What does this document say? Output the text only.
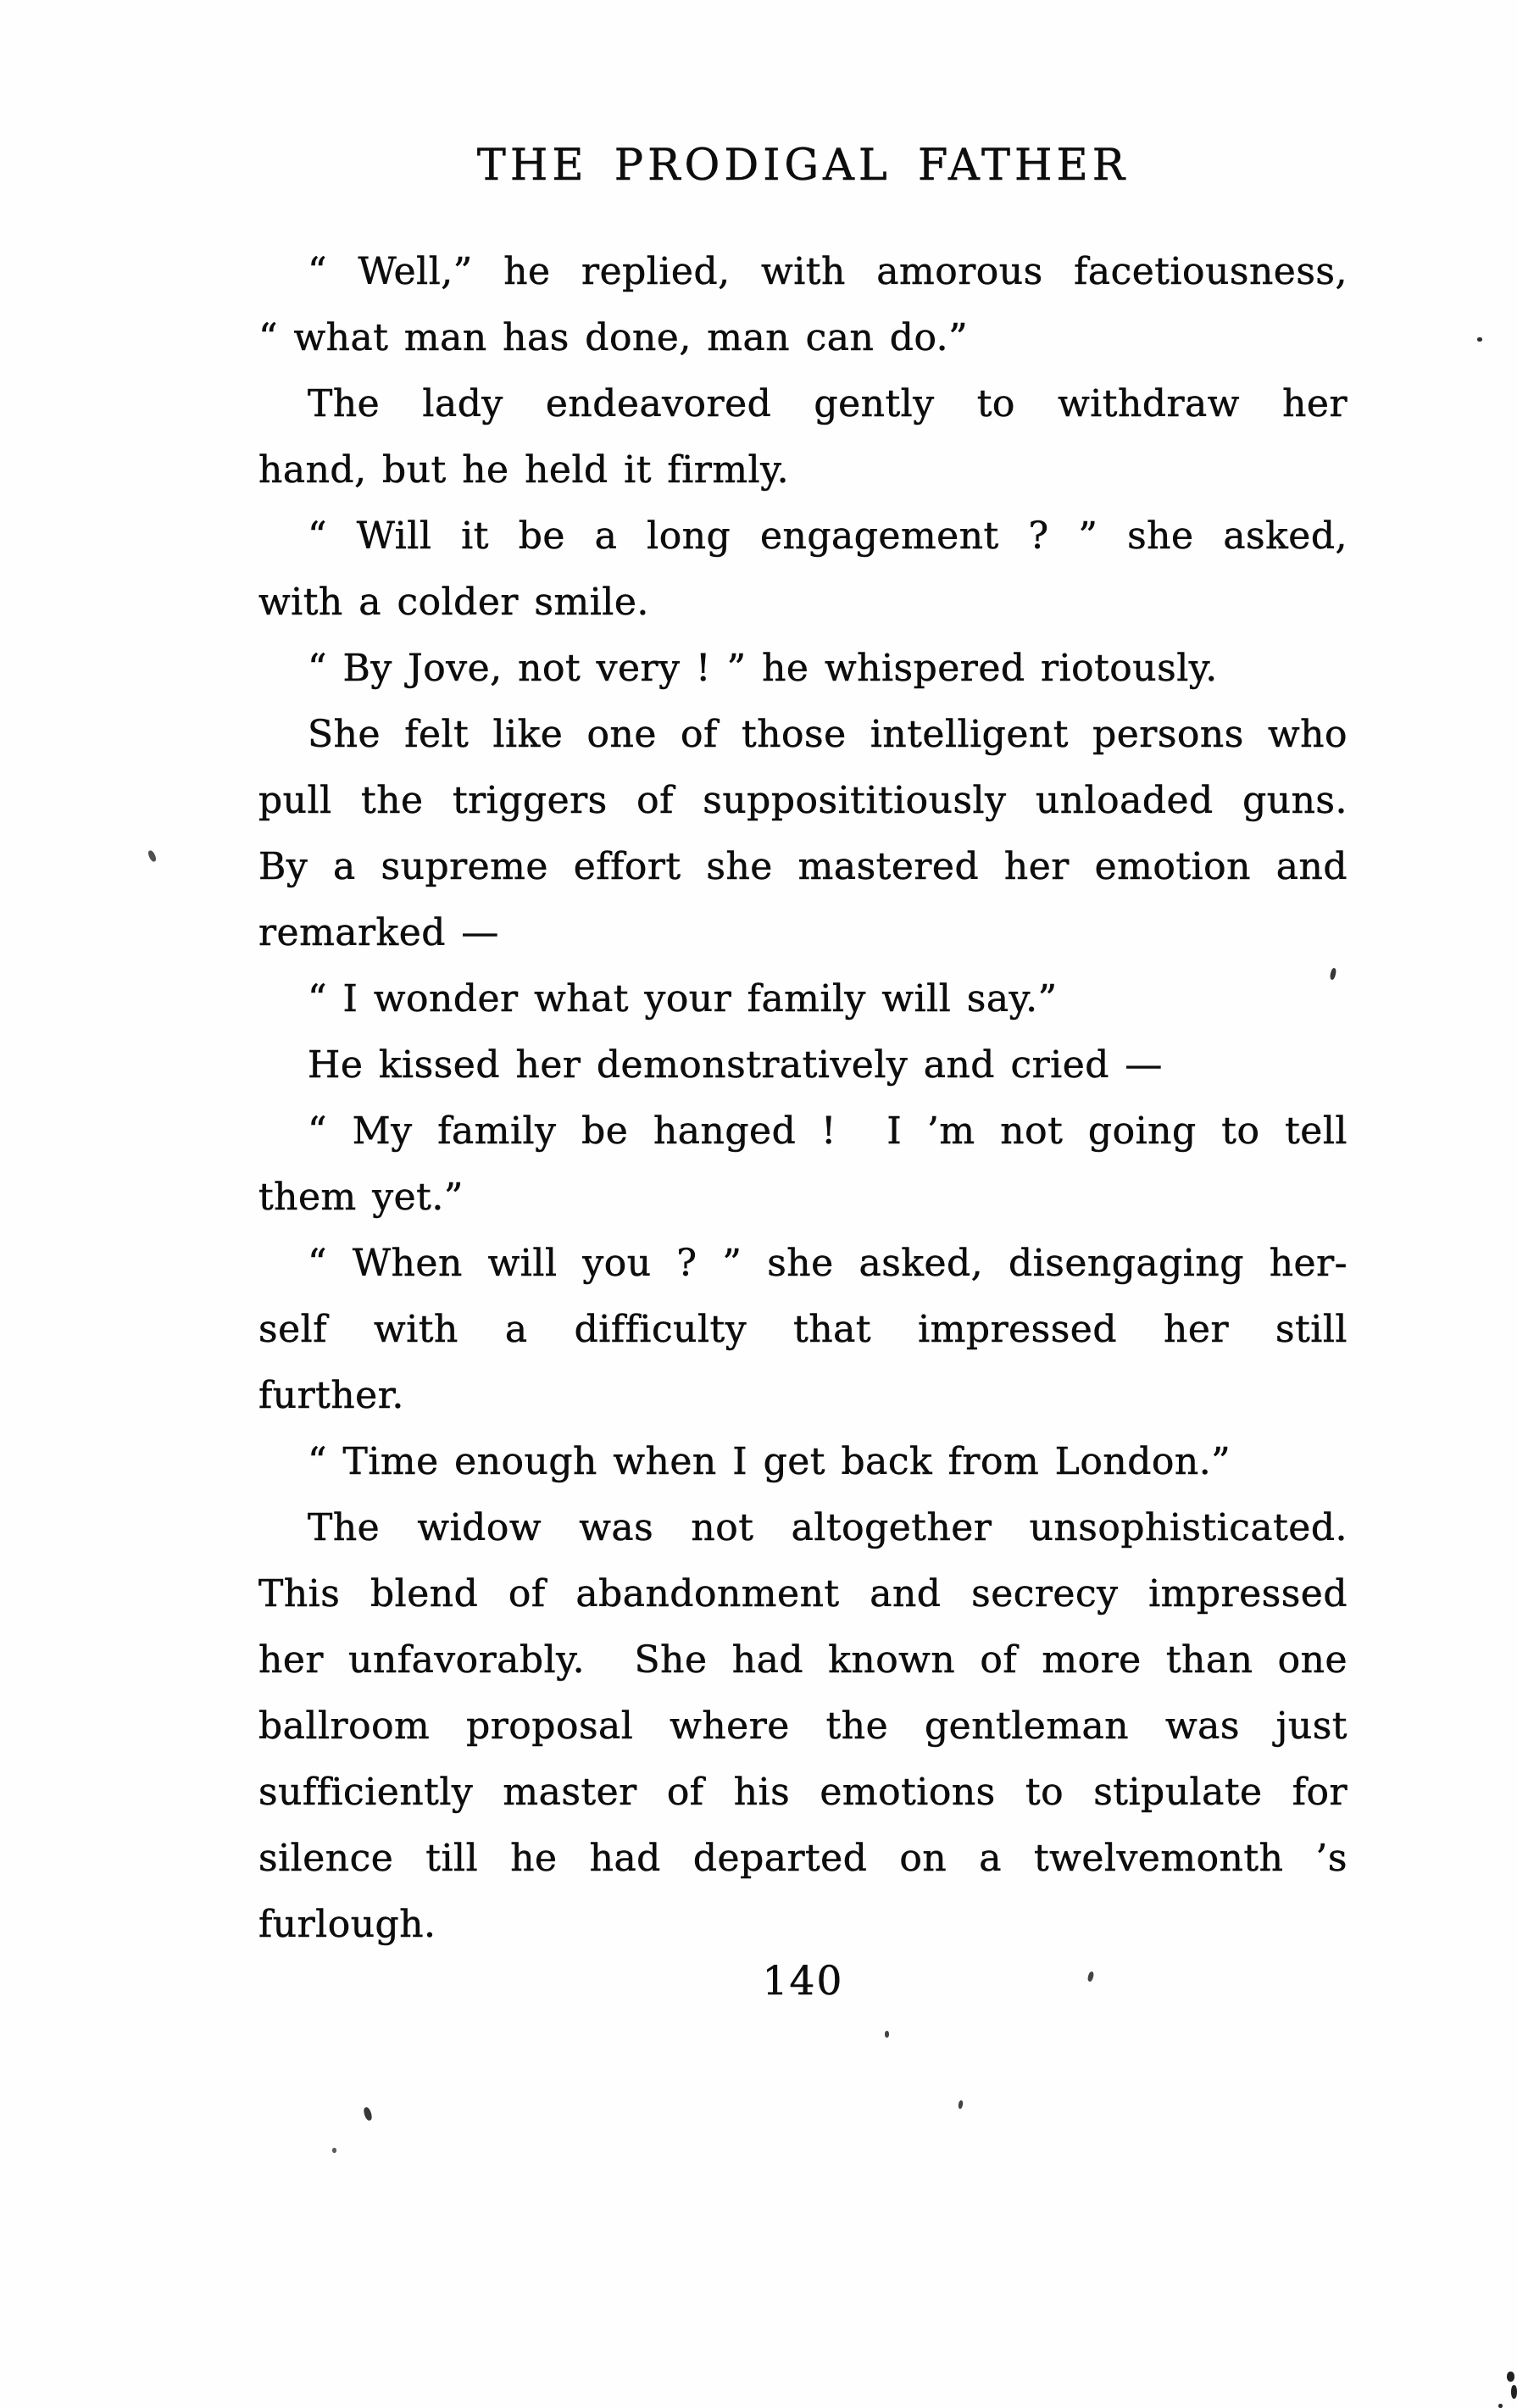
THE PRODIGAL FATHER
“ Well,” he replied, with amorous facetiousness,
“ what man has done, man can do.”
The lady endeavored gently to withdraw her
hand, but he held it firmly.
“ Will it be a long engagement ? ” she asked,
with a colder smile.
“ By Jove, not very ! ” he whispered riotously.
She felt like one of those intelligent persons who
pull the triggers of supposititiously unloaded guns.
By a supreme effort she mastered her emotion and
remarked —
“ I wonder what your family will say.”
He kissed her demonstratively and cried —
“ My family be hanged !  I ’m not going to tell
them yet.”
“ When will you ? ” she asked, disengaging her-
self with a difficulty that impressed her still
further.
“ Time enough when I get back from London.”
The widow was not altogether unsophisticated.
This blend of abandonment and secrecy impressed
her unfavorably.  She had known of more than one
ballroom proposal where the gentleman was just
sufficiently master of his emotions to stipulate for
silence till he had departed on a twelvemonth ’s
furlough.
140
